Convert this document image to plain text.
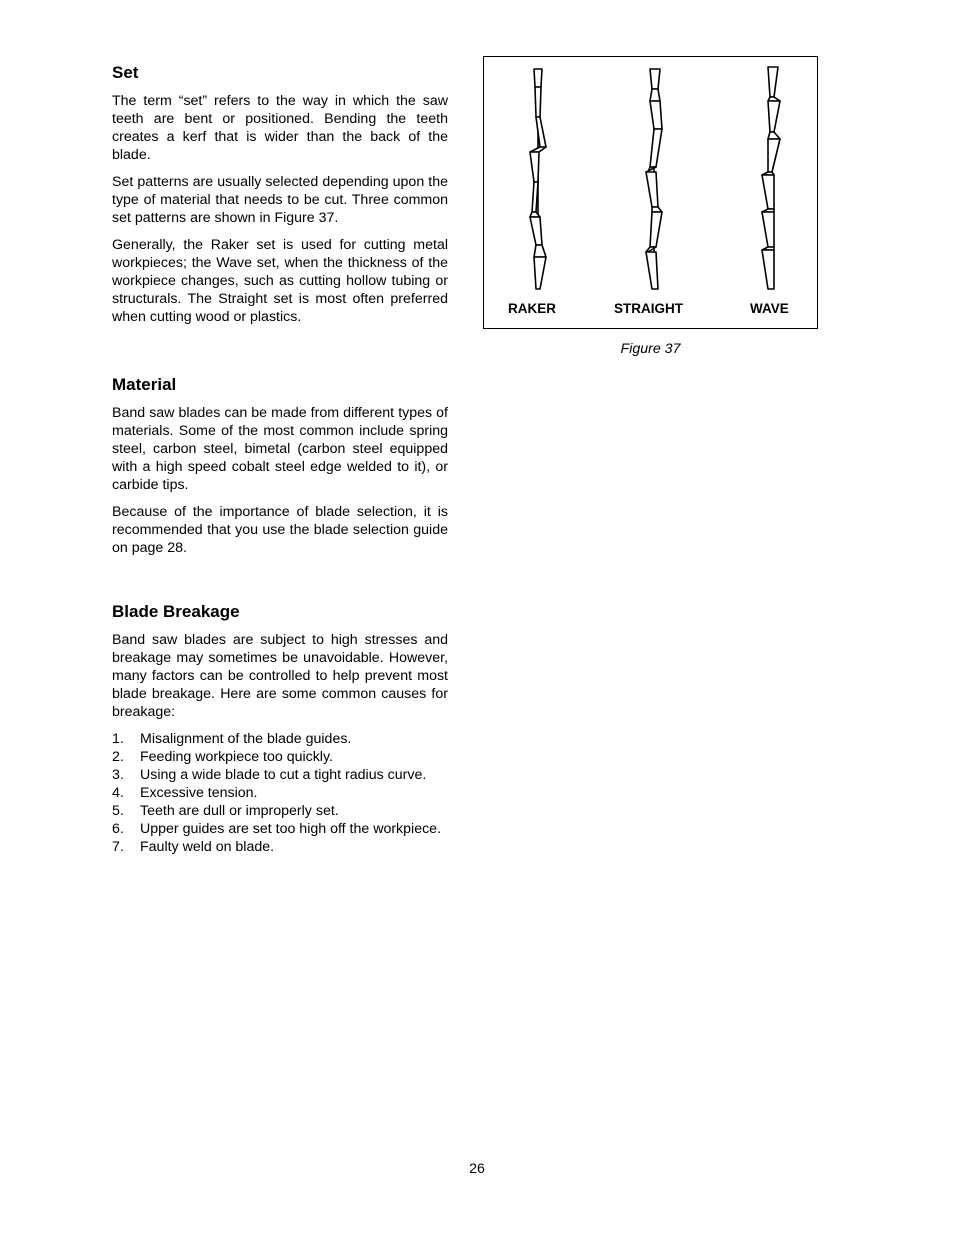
Set

The term “set” refers to the way in which the saw teeth are bent or positioned. Bending the teeth creates a kerf that is wider than the back of the blade.

Set patterns are usually selected depending upon the type of material that needs to be cut. Three common set patterns are shown in Figure 37.

Generally, the Raker set is used for cutting metal workpieces; the Wave set, when the thickness of the workpiece changes, such as cutting hollow tubing or structurals. The Straight set is most often preferred when cutting wood or plastics.

Material

Band saw blades can be made from different types of materials. Some of the most common include spring steel, carbon steel, bimetal (carbon steel equipped with a high speed cobalt steel edge welded to it), or carbide tips.

Because of the importance of blade selection, it is recommended that you use the blade selection guide on page 28.

Blade Breakage

Band saw blades are subject to high stresses and breakage may sometimes be unavoidable. However, many factors can be controlled to help prevent most blade breakage. Here are some common causes for breakage:

1. Misalignment of the blade guides.
2. Feeding workpiece too quickly.
3. Using a wide blade to cut a tight radius curve.
4. Excessive tension.
5. Teeth are dull or improperly set.
6. Upper guides are set too high off the workpiece.
7. Faulty weld on blade.
RAKER	STRAIGHT	WAVE
Figure 37
26
